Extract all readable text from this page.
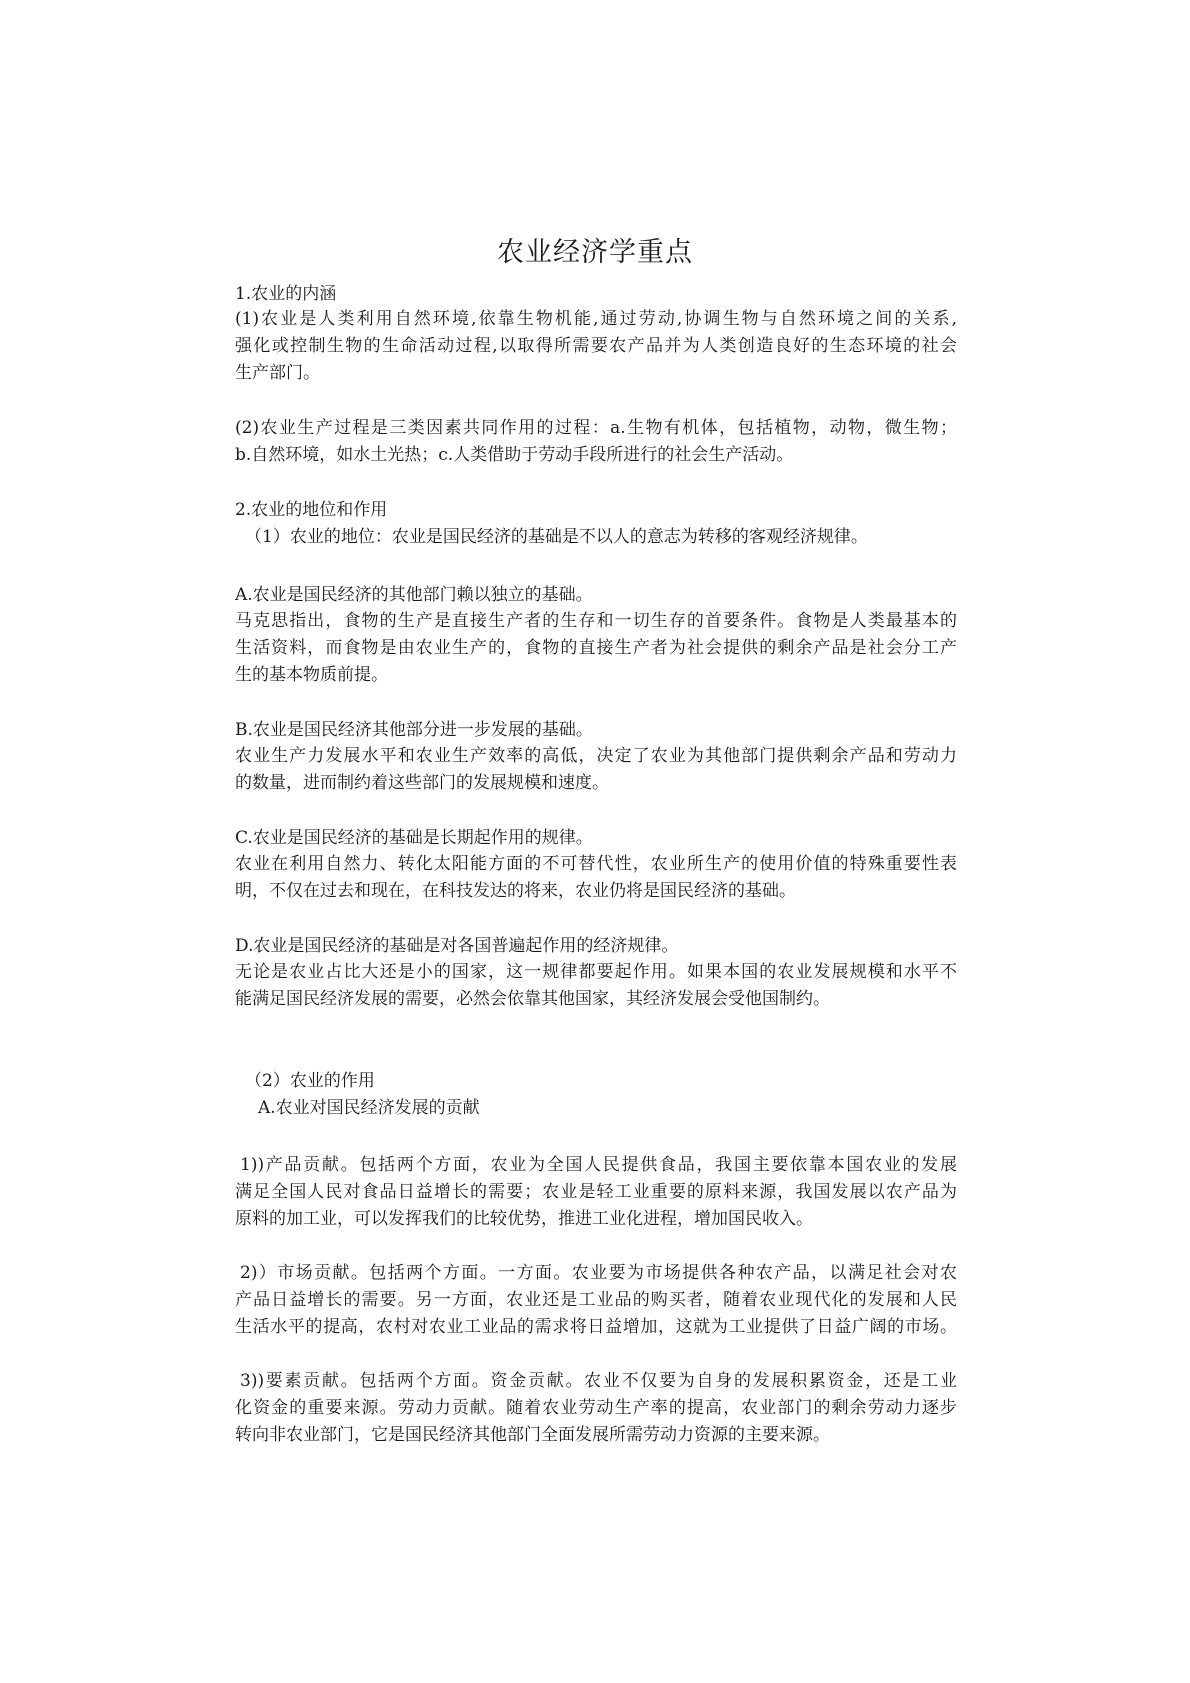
农业经济学重点
1.农业的内涵
(1)农业是人类利用自然环境,依靠生物机能,通过劳动,协调生物与自然环境之间的关系,
强化或控制生物的生命活动过程,以取得所需要农产品并为人类创造良好的生态环境的社会
生产部门。
(2)农业生产过程是三类因素共同作用的过程：a.生物有机体，包括植物，动物，微生物；
b.自然环境，如水土光热；c.人类借助于劳动手段所进行的社会生产活动。
2.农业的地位和作用
（1）农业的地位：农业是国民经济的基础是不以人的意志为转移的客观经济规律。
A.农业是国民经济的其他部门赖以独立的基础。
马克思指出，食物的生产是直接生产者的生存和一切生存的首要条件。食物是人类最基本的
生活资料，而食物是由农业生产的，食物的直接生产者为社会提供的剩余产品是社会分工产
生的基本物质前提。
B.农业是国民经济其他部分进一步发展的基础。
农业生产力发展水平和农业生产效率的高低，决定了农业为其他部门提供剩余产品和劳动力
的数量，进而制约着这些部门的发展规模和速度。
C.农业是国民经济的基础是长期起作用的规律。
农业在利用自然力、转化太阳能方面的不可替代性，农业所生产的使用价值的特殊重要性表
明，不仅在过去和现在，在科技发达的将来，农业仍将是国民经济的基础。
D.农业是国民经济的基础是对各国普遍起作用的经济规律。
无论是农业占比大还是小的国家，这一规律都要起作用。如果本国的农业发展规模和水平不
能满足国民经济发展的需要，必然会依靠其他国家，其经济发展会受他国制约。
（2）农业的作用
A.农业对国民经济发展的贡献
1))产品贡献。包括两个方面，农业为全国人民提供食品，我国主要依靠本国农业的发展
满足全国人民对食品日益增长的需要；农业是轻工业重要的原料来源，我国发展以农产品为
原料的加工业，可以发挥我们的比较优势，推进工业化进程，增加国民收入。
2)）市场贡献。包括两个方面。一方面。农业要为市场提供各种农产品，以满足社会对农
产品日益增长的需要。另一方面，农业还是工业品的购买者，随着农业现代化的发展和人民
生活水平的提高，农村对农业工业品的需求将日益增加，这就为工业提供了日益广阔的市场。
3))要素贡献。包括两个方面。资金贡献。农业不仅要为自身的发展积累资金，还是工业
化资金的重要来源。劳动力贡献。随着农业劳动生产率的提高，农业部门的剩余劳动力逐步
转向非农业部门，它是国民经济其他部门全面发展所需劳动力资源的主要来源。
